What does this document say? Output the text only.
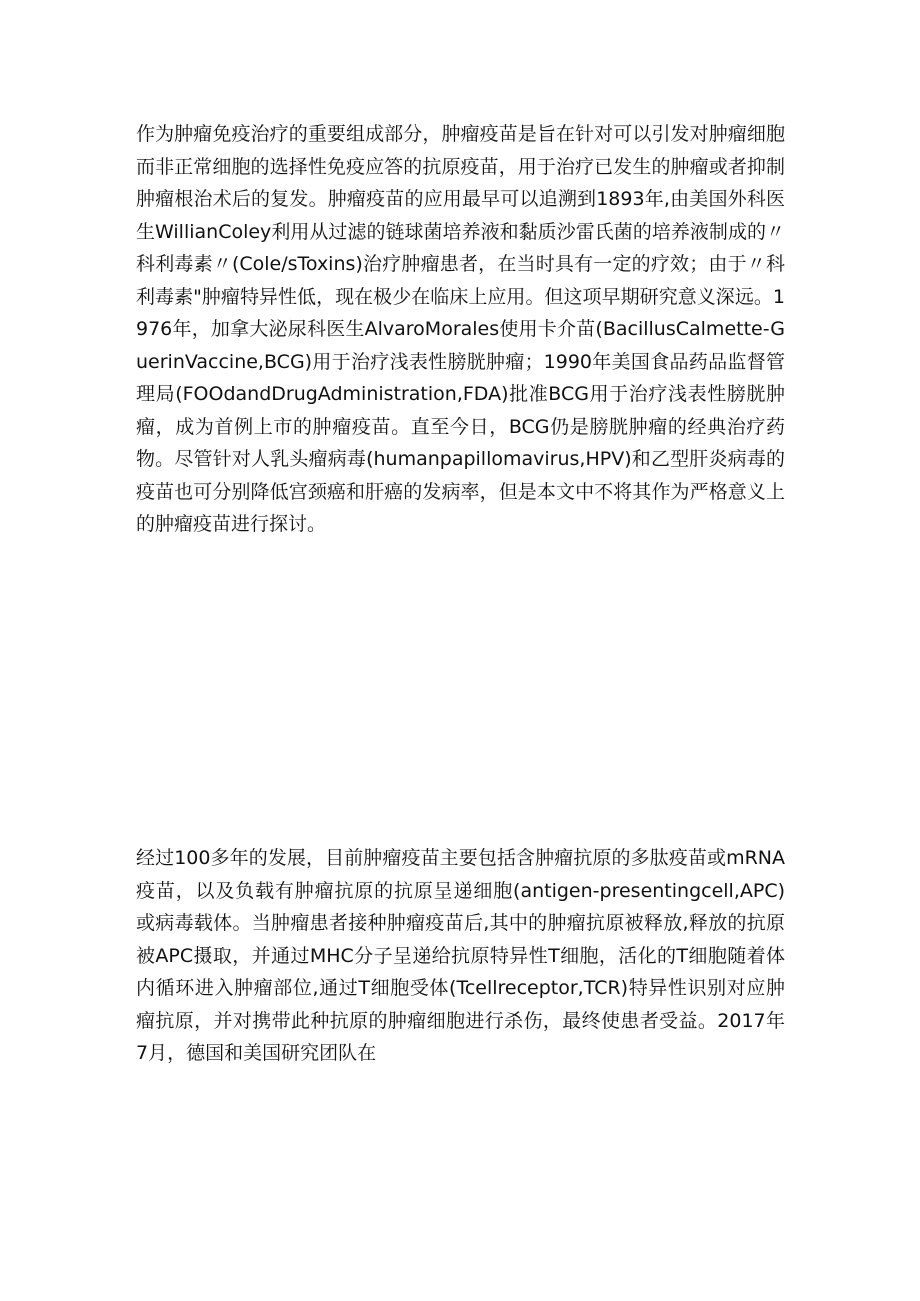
作为肿瘤免疫治疗的重要组成部分，肿瘤疫苗是旨在针对可以引发对肿瘤细胞而非正常细胞的选择性免疫应答的抗原疫苗，用于治疗已发生的肿瘤或者抑制肿瘤根治术后的复发。肿瘤疫苗的应用最早可以追溯到1893年,由美国外科医生WillianColey利用从过滤的链球菌培养液和黏质沙雷氏菌的培养液制成的〃科利毒素〃(Cole/sToxins)治疗肿瘤患者，在当时具有一定的疗效；由于〃科利毒素"肿瘤特异性低，现在极少在临床上应用。但这项早期研究意义深远。1976年，加拿大泌尿科医生AlvaroMorales使用卡介苗(BacillusCalmette-GuerinVaccine,BCG)用于治疗浅表性膀胱肿瘤；1990年美国食品药品监督管理局(FOOdandDrugAdministration,FDA)批准BCG用于治疗浅表性膀胱肿瘤，成为首例上市的肿瘤疫苗。直至今日，BCG仍是膀胱肿瘤的经典治疗药物。尽管针对人乳头瘤病毒(humanpapillomavirus,HPV)和乙型肝炎病毒的疫苗也可分别降低宫颈癌和肝癌的发病率，但是本文中不将其作为严格意义上的肿瘤疫苗进行探讨。

经过100多年的发展，目前肿瘤疫苗主要包括含肿瘤抗原的多肽疫苗或mRNA疫苗，以及负载有肿瘤抗原的抗原呈递细胞(antigen-presentingcell,APC)或病毒载体。当肿瘤患者接种肿瘤疫苗后,其中的肿瘤抗原被释放,释放的抗原被APC摄取，并通过MHC分子呈递给抗原特异性T细胞，活化的T细胞随着体内循环进入肿瘤部位,通过T细胞受体(Tcellreceptor,TCR)特异性识别对应肿瘤抗原，并对携带此种抗原的肿瘤细胞进行杀伤，最终使患者受益。2017年7月，德国和美国研究团队在
